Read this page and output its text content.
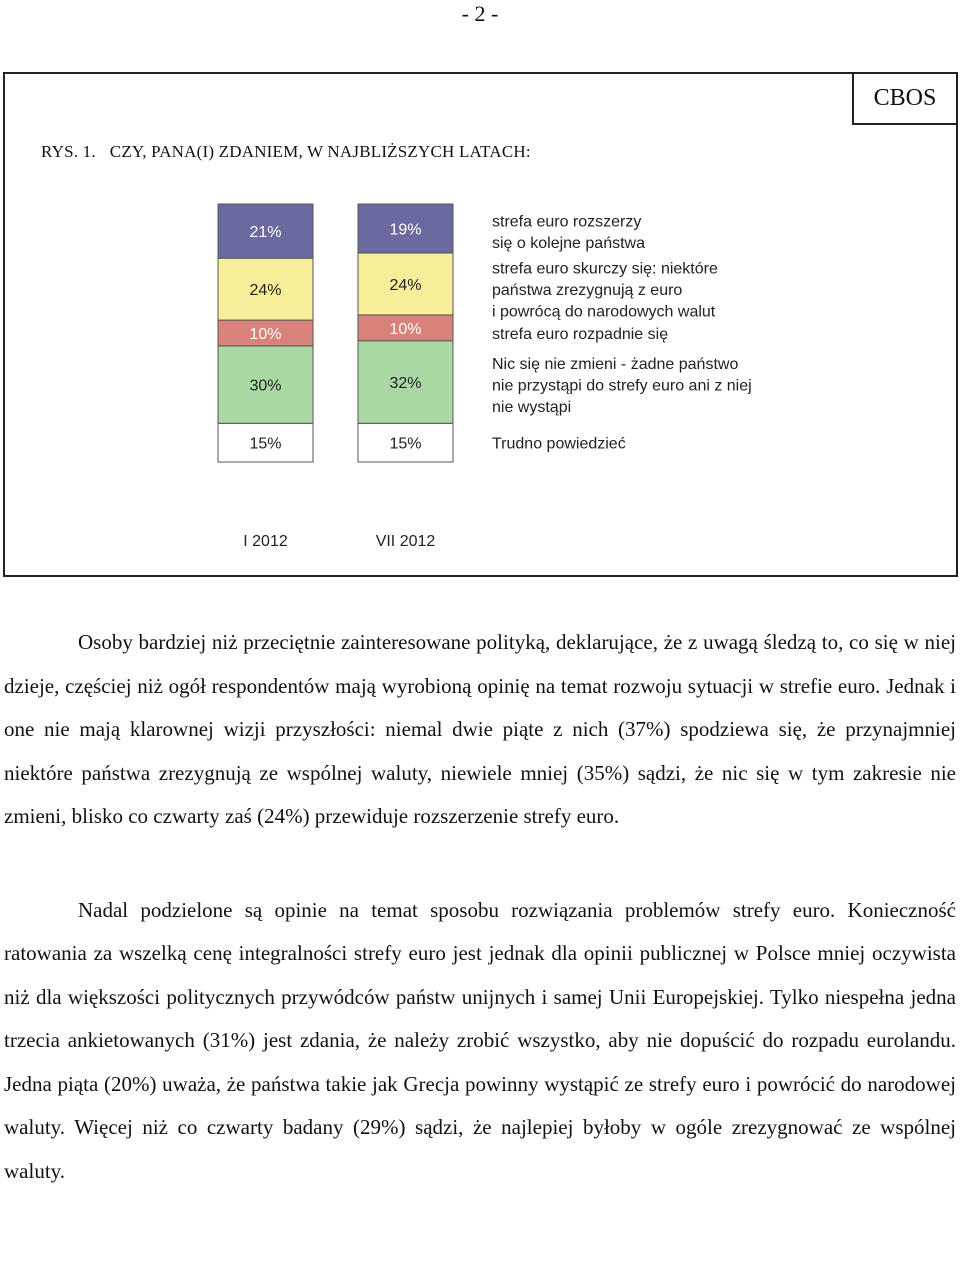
- 2 -
CBOS
RYS. 1. CZY, PANA(I) ZDANIEM, W NAJBLIŻSZYCH LATACH:
15%
30%
10%
24%
21%
I 2012
15%
32%
10%
24%
19%
VII 2012
Trudno powiedzieć
Nic się nie zmieni - żadne państwo nie przystąpi do strefy euro ani z niej nie wystąpi
strefa euro rozpadnie się
strefa euro skurczy się: niektóre państwa zrezygnują z euro i powrócą do narodowych walut
strefa euro rozszerzy się o kolejne państwa

Osoby bardziej niż przeciętnie zainteresowane polityką, deklarujące, że z uwagą śledzą to, co się w niej dzieje, częściej niż ogół respondentów mają wyrobioną opinię na temat rozwoju sytuacji w strefie euro. Jednak i one nie mają klarownej wizji przyszłości: niemal dwie piąte z nich (37%) spodziewa się, że przynajmniej niektóre państwa zrezygnują ze wspólnej waluty, niewiele mniej (35%) sądzi, że nic się w tym zakresie nie zmieni, blisko co czwarty zaś (24%) przewiduje rozszerzenie strefy euro.

Nadal podzielone są opinie na temat sposobu rozwiązania problemów strefy euro. Konieczność ratowania za wszelką cenę integralności strefy euro jest jednak dla opinii publicznej w Polsce mniej oczywista niż dla większości politycznych przywódców państw unijnych i samej Unii Europejskiej. Tylko niespełna jedna trzecia ankietowanych (31%) jest zdania, że należy zrobić wszystko, aby nie dopuścić do rozpadu eurolandu. Jedna piąta (20%) uważa, że państwa takie jak Grecja powinny wystąpić ze strefy euro i powrócić do narodowej waluty. Więcej niż co czwarty badany (29%) sądzi, że najlepiej byłoby w ogóle zrezygnować ze wspólnej waluty.
